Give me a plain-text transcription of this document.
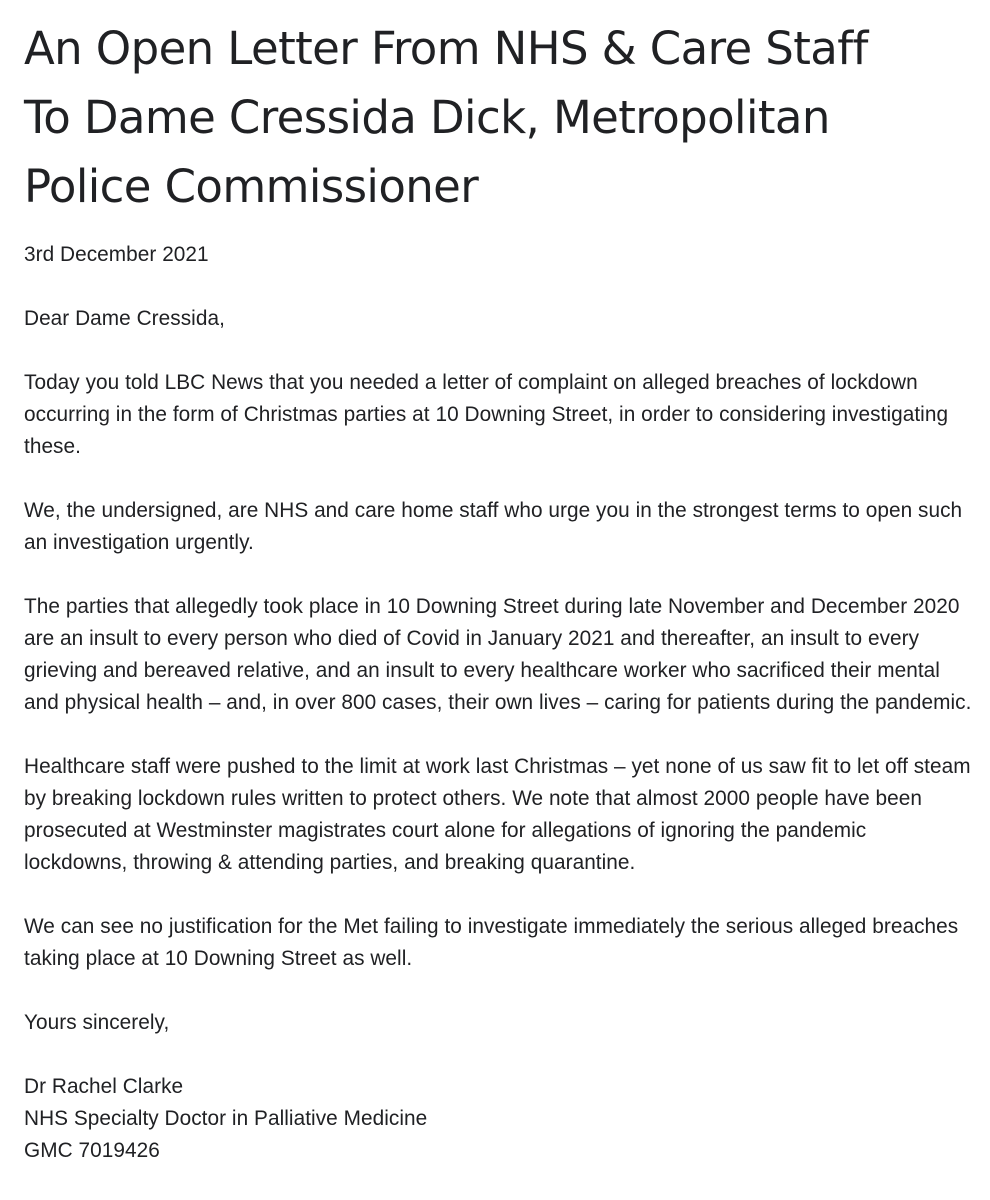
An Open Letter From NHS & Care Staff
To Dame Cressida Dick, Metropolitan
Police Commissioner

3rd December 2021

Dear Dame Cressida,

Today you told LBC News that you needed a letter of complaint on alleged breaches of lockdown occurring in the form of Christmas parties at 10 Downing Street, in order to considering investigating these.

We, the undersigned, are NHS and care home staff who urge you in the strongest terms to open such an investigation urgently.

The parties that allegedly took place in 10 Downing Street during late November and December 2020 are an insult to every person who died of Covid in January 2021 and thereafter, an insult to every grieving and bereaved relative, and an insult to every healthcare worker who sacrificed their mental and physical health – and, in over 800 cases, their own lives – caring for patients during the pandemic.

Healthcare staff were pushed to the limit at work last Christmas – yet none of us saw fit to let off steam by breaking lockdown rules written to protect others. We note that almost 2000 people have been prosecuted at Westminster magistrates court alone for allegations of ignoring the pandemic lockdowns, throwing & attending parties, and breaking quarantine.

We can see no justification for the Met failing to investigate immediately the serious alleged breaches taking place at 10 Downing Street as well.

Yours sincerely,

Dr Rachel Clarke
NHS Specialty Doctor in Palliative Medicine
GMC 7019426
